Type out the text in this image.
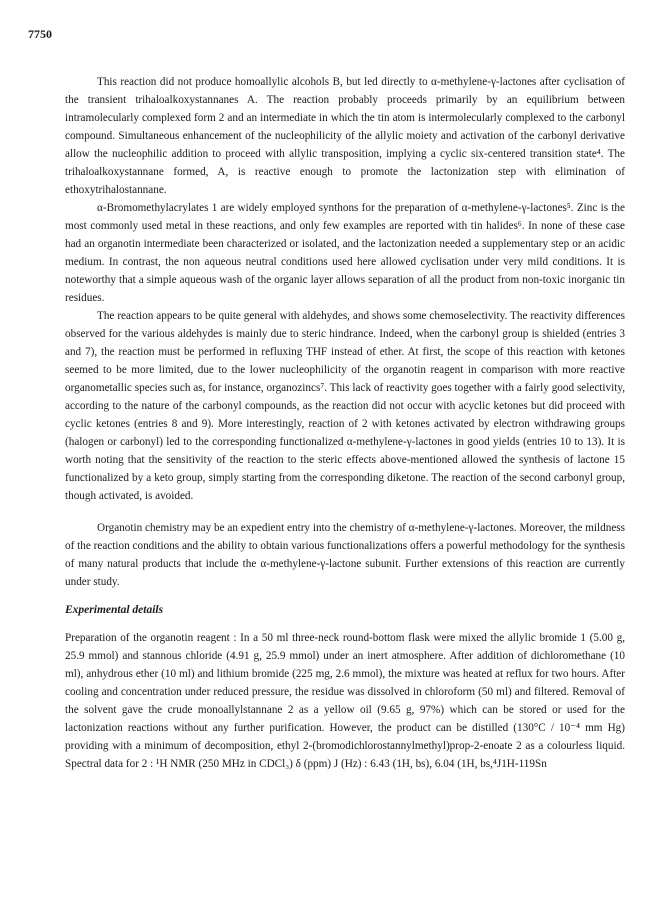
7750

This reaction did not produce homoallylic alcohols B, but led directly to α-methylene-γ-lactones after cyclisation of the transient trihaloalkoxystannanes A. The reaction probably proceeds primarily by an equilibrium between intramolecularly complexed form 2 and an intermediate in which the tin atom is intermolecularly complexed to the carbonyl compound. Simultaneous enhancement of the nucleophilicity of the allylic moiety and activation of the carbonyl derivative allow the nucleophilic addition to proceed with allylic transposition, implying a cyclic six-centered transition state⁴. The trihaloalkoxystannane formed, A, is reactive enough to promote the lactonization step with elimination of ethoxytrihalostannane.

α-Bromomethylacrylates 1 are widely employed synthons for the preparation of α-methylene-γ-lactones⁵. Zinc is the most commonly used metal in these reactions, and only few examples are reported with tin halides⁶. In none of these case had an organotin intermediate been characterized or isolated, and the lactonization needed a supplementary step or an acidic medium. In contrast, the non aqueous neutral conditions used here allowed cyclisation under very mild conditions. It is noteworthy that a simple aqueous wash of the organic layer allows separation of all the product from non-toxic inorganic tin residues.

The reaction appears to be quite general with aldehydes, and shows some chemoselectivity. The reactivity differences observed for the various aldehydes is mainly due to steric hindrance. Indeed, when the carbonyl group is shielded (entries 3 and 7), the reaction must be performed in refluxing THF instead of ether. At first, the scope of this reaction with ketones seemed to be more limited, due to the lower nucleophilicity of the organotin reagent in comparison with more reactive organometallic species such as, for instance, organozincs⁷. This lack of reactivity goes together with a fairly good selectivity, according to the nature of the carbonyl compounds, as the reaction did not occur with acyclic ketones but did proceed with cyclic ketones (entries 8 and 9). More interestingly, reaction of 2 with ketones activated by electron withdrawing groups (halogen or carbonyl) led to the corresponding functionalized α-methylene-γ-lactones in good yields (entries 10 to 13). It is worth noting that the sensitivity of the reaction to the steric effects above-mentioned allowed the synthesis of lactone 15 functionalized by a keto group, simply starting from the corresponding diketone. The reaction of the second carbonyl group, though activated, is avoided.

Organotin chemistry may be an expedient entry into the chemistry of α-methylene-γ-lactones. Moreover, the mildness of the reaction conditions and the ability to obtain various functionalizations offers a powerful methodology for the synthesis of many natural products that include the α-methylene-γ-lactone subunit. Further extensions of this reaction are currently under study.

Experimental details

Preparation of the organotin reagent : In a 50 ml three-neck round-bottom flask were mixed the allylic bromide 1 (5.00 g, 25.9 mmol) and stannous chloride (4.91 g, 25.9 mmol) under an inert atmosphere. After addition of dichloromethane (10 ml), anhydrous ether (10 ml) and lithium bromide (225 mg, 2.6 mmol), the mixture was heated at reflux for two hours. After cooling and concentration under reduced pressure, the residue was dissolved in chloroform (50 ml) and filtered. Removal of the solvent gave the crude monoallylstannane 2 as a yellow oil (9.65 g, 97%) which can be stored or used for the lactonization reactions without any further purification. However, the product can be distilled (130°C / 10⁻⁴ mm Hg) providing with a minimum of decomposition, ethyl 2-(bromodichlorostannylmethyl)prop-2-enoate 2 as a colourless liquid. Spectral data for 2 : ¹H NMR (250 MHz in CDCl₃) δ (ppm) J (Hz) : 6.43 (1H, bs), 6.04 (1H, bs,⁴J1H-119Sn
